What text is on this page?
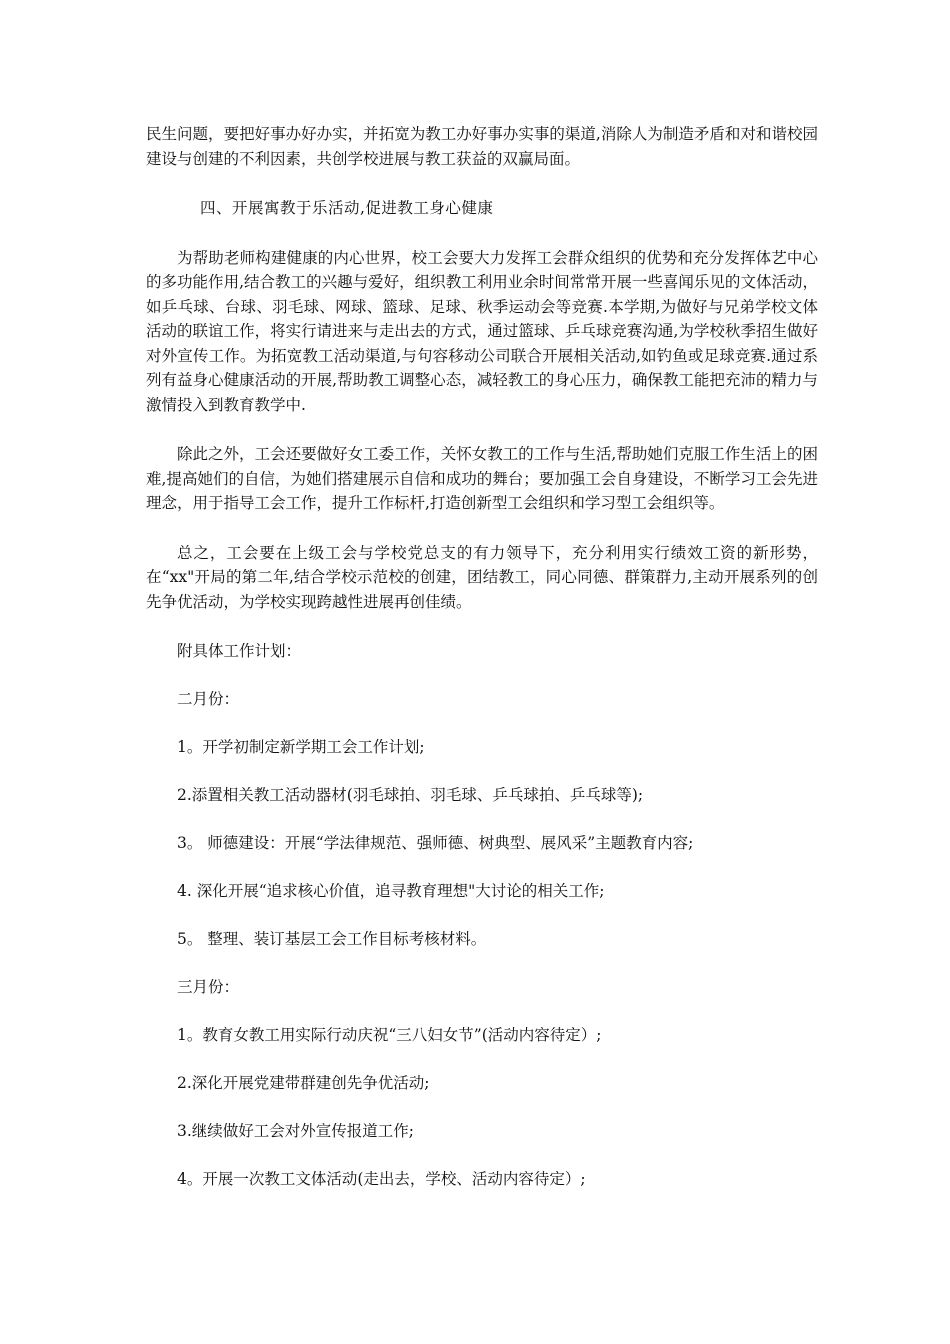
民生问题，要把好事办好办实，并拓宽为教工办好事办实事的渠道,消除人为制造矛盾和对和谐校园建设与创建的不利因素，共创学校进展与教工获益的双赢局面。

四、开展寓教于乐活动,促进教工身心健康

为帮助老师构建健康的内心世界，校工会要大力发挥工会群众组织的优势和充分发挥体艺中心的多功能作用,结合教工的兴趣与爱好，组织教工利用业余时间常常开展一些喜闻乐见的文体活动，如乒乓球、台球、羽毛球、网球、篮球、足球、秋季运动会等竞赛.本学期,为做好与兄弟学校文体活动的联谊工作，将实行请进来与走出去的方式，通过篮球、乒乓球竞赛沟通,为学校秋季招生做好对外宣传工作。为拓宽教工活动渠道,与句容移动公司联合开展相关活动,如钓鱼或足球竞赛.通过系列有益身心健康活动的开展,帮助教工调整心态，减轻教工的身心压力，确保教工能把充沛的精力与激情投入到教育教学中.

除此之外，工会还要做好女工委工作，关怀女教工的工作与生活,帮助她们克服工作生活上的困难,提高她们的自信，为她们搭建展示自信和成功的舞台；要加强工会自身建设，不断学习工会先进理念，用于指导工会工作，提升工作标杆,打造创新型工会组织和学习型工会组织等。

总之，工会要在上级工会与学校党总支的有力领导下，充分利用实行绩效工资的新形势，在“xx"开局的第二年,结合学校示范校的创建，团结教工，同心同德、群策群力,主动开展系列的创先争优活动，为学校实现跨越性进展再创佳绩。

附具体工作计划：

二月份：

1。开学初制定新学期工会工作计划;

2.添置相关教工活动器材(羽毛球拍、羽毛球、乒乓球拍、乒乓球等);

3。 师德建设：开展“学法律规范、强师德、树典型、展风采”主题教育内容;

4. 深化开展“追求核心价值，追寻教育理想"大讨论的相关工作;

5。 整理、装订基层工会工作目标考核材料。

三月份：

1。教育女教工用实际行动庆祝“三八妇女节”(活动内容待定）;

2.深化开展党建带群建创先争优活动;

3.继续做好工会对外宣传报道工作;

4。开展一次教工文体活动(走出去，学校、活动内容待定）;
